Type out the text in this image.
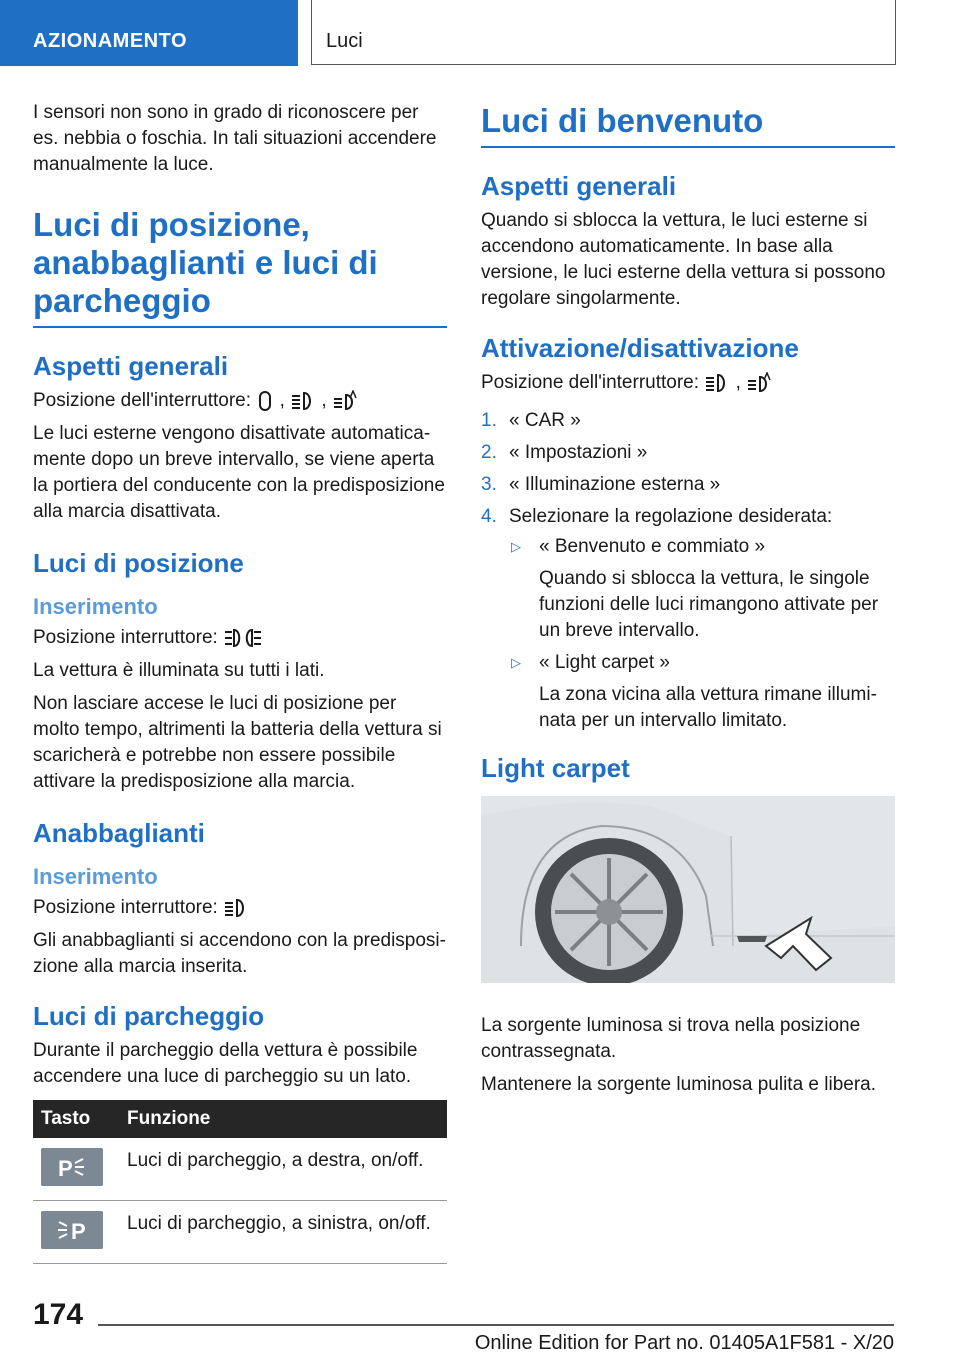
AZIONAMENTO	Luci

I sensori non sono in grado di riconoscere per es. nebbia o foschia. In tali situazioni accendere manualmente la luce.

Luci di posizione, anabbaglianti e luci di parcheggio
Aspetti generali

Posizione dell'interruttore:  ,  ,

Le luci esterne vengono disattivate automaticamente dopo un breve intervallo, se viene aperta la portiera del conducente con la predisposizione alla marcia disattivata.

Luci di posizione
Inserimento

Posizione interruttore:

La vettura è illuminata su tutti i lati.

Non lasciare accese le luci di posizione per molto tempo, altrimenti la batteria della vettura si scaricherà e potrebbe non essere possibile attivare la predisposizione alla marcia.

Anabbaglianti
Inserimento

Posizione interruttore:

Gli anabbaglianti si accendono con la predisposizione alla marcia inserita.

Luci di parcheggio

Durante il parcheggio della vettura è possibile accendere una luce di parcheggio su un lato.

Tasto	Funzione

P	Luci di parcheggio, a destra, on/off.

P	Luci di parcheggio, a sinistra, on/off.
Luci di benvenuto
Aspetti generali

Quando si sblocca la vettura, le luci esterne si accendono automaticamente. In base alla versione, le luci esterne della vettura si possono regolare singolarmente.

Attivazione/disattivazione

Posizione dell'interruttore:  ,

1. « CAR »
2. « Impostazioni »
3. « Illuminazione esterna »
4. Selezionare la regolazione desiderata:
▷ « Benvenuto e commiato »
Quando si sblocca la vettura, le singole funzioni delle luci rimangono attivate per un breve intervallo.
▷ « Light carpet »
La zona vicina alla vettura rimane illuminata per un intervallo limitato.
Light carpet

La sorgente luminosa si trova nella posizione contrassegnata.

Mantenere la sorgente luminosa pulita e libera.

174
Online Edition for Part no. 01405A1F581 - X/20
